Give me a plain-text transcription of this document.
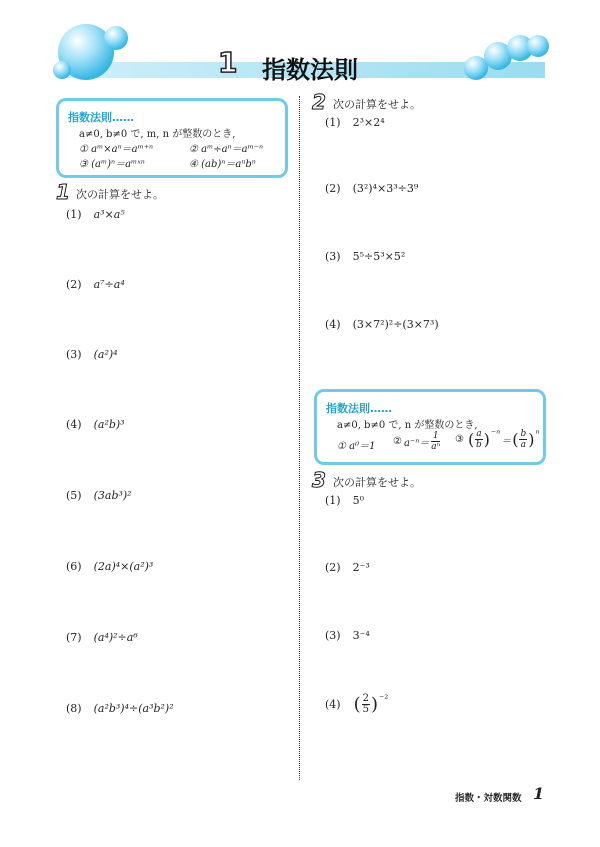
1 指数法則
指数法則……
a≠0, b≠0 で, m, n が整数のとき,
① aᵐ×aⁿ＝aᵐ⁺ⁿ	② aᵐ÷aⁿ＝aᵐ⁻ⁿ
③ (aᵐ)ⁿ＝aᵐˣⁿ	④ (ab)ⁿ＝aⁿbⁿ
1 次の計算をせよ。
(1) a³×a⁵
(2) a⁷÷a⁴
(3) (a²)⁴
(4) (a²b)³
(5) (3ab³)²
(6) (2a)⁴×(a²)³
(7) (a⁴)²÷a⁶
(8) (a²b³)⁴÷(a³b²)²
2 次の計算をせよ。
(1) 2³×2⁴
(2) (3²)⁴×3³÷3⁹
(3) 5⁵÷5³×5²
(4) (3×7²)²÷(3×7³)
指数法則……
a≠0, b≠0 で, n が整数のとき,
① a⁰＝1 ② $a^{-n}= \frac{1}{\text{aⁿ}}$ ③ ( $\frac{a}{b}$ ) ⁻ⁿ
＝ ( $\frac{b}{a}$ ) ⁿ
3 次の計算をせよ。
(1) 5⁰
(2) 2⁻³
(3) 3⁻⁴
(4) ( $\frac{2}{5}$ ) ⁻²
指数・対数関数 1
